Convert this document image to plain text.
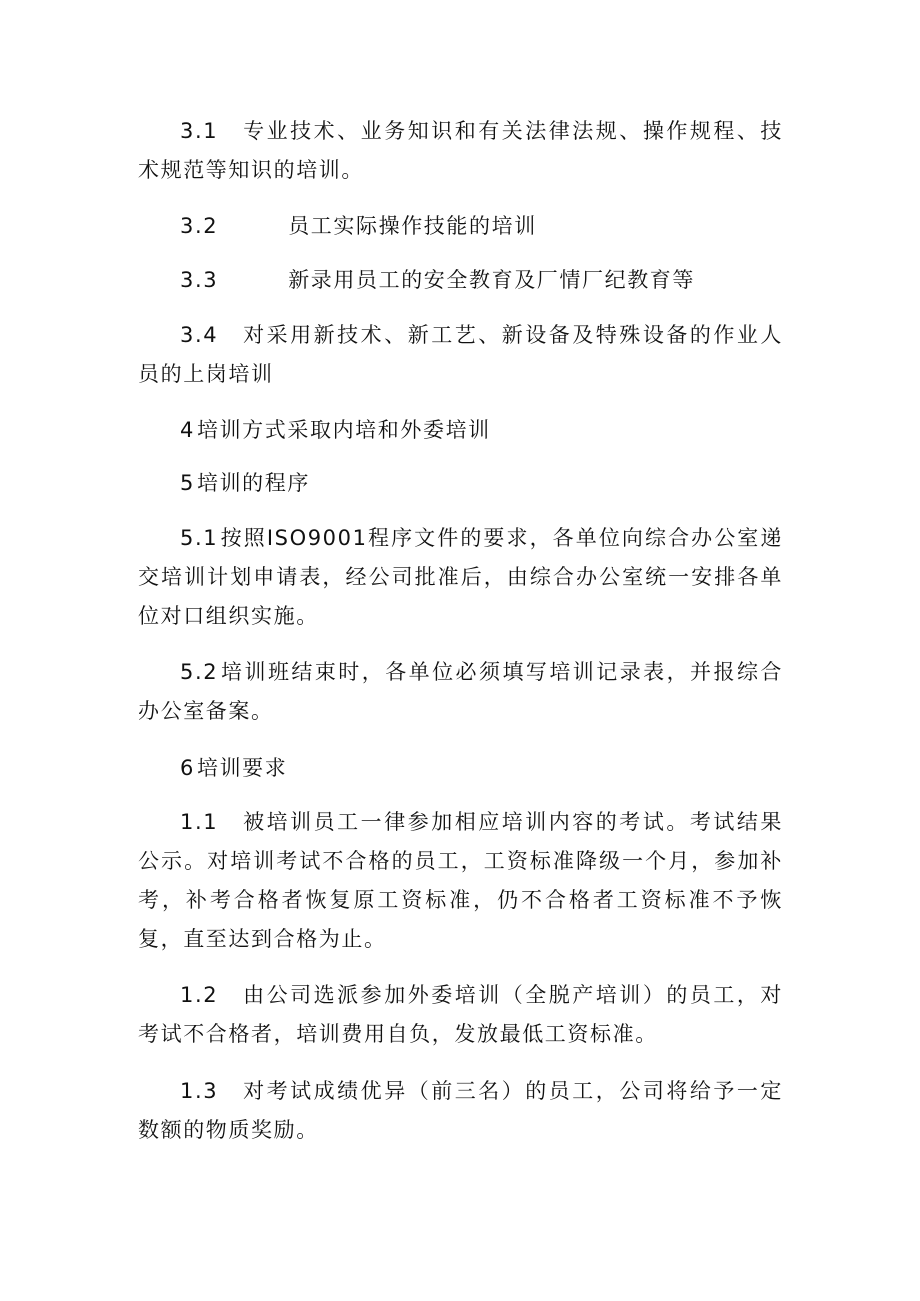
3.1 专业技术、业务知识和有关法律法规、操作规程、技术规范等知识的培训。

3.2	员工实际操作技能的培训

3.3	新录用员工的安全教育及厂情厂纪教育等

3.4 对采用新技术、新工艺、新设备及特殊设备的作业人员的上岗培训

4培训方式采取内培和外委培训

5培训的程序

5.1按照ISO9001程序文件的要求，各单位向综合办公室递交培训计划申请表，经公司批准后，由综合办公室统一安排各单位对口组织实施。

5.2培训班结束时，各单位必须填写培训记录表，并报综合办公室备案。

6培训要求

1.1 被培训员工一律参加相应培训内容的考试。考试结果公示。对培训考试不合格的员工，工资标准降级一个月，参加补考，补考合格者恢复原工资标准，仍不合格者工资标准不予恢复，直至达到合格为止。

1.2 由公司选派参加外委培训（全脱产培训）的员工，对考试不合格者，培训费用自负，发放最低工资标准。

1.3 对考试成绩优异（前三名）的员工，公司将给予一定数额的物质奖励。
